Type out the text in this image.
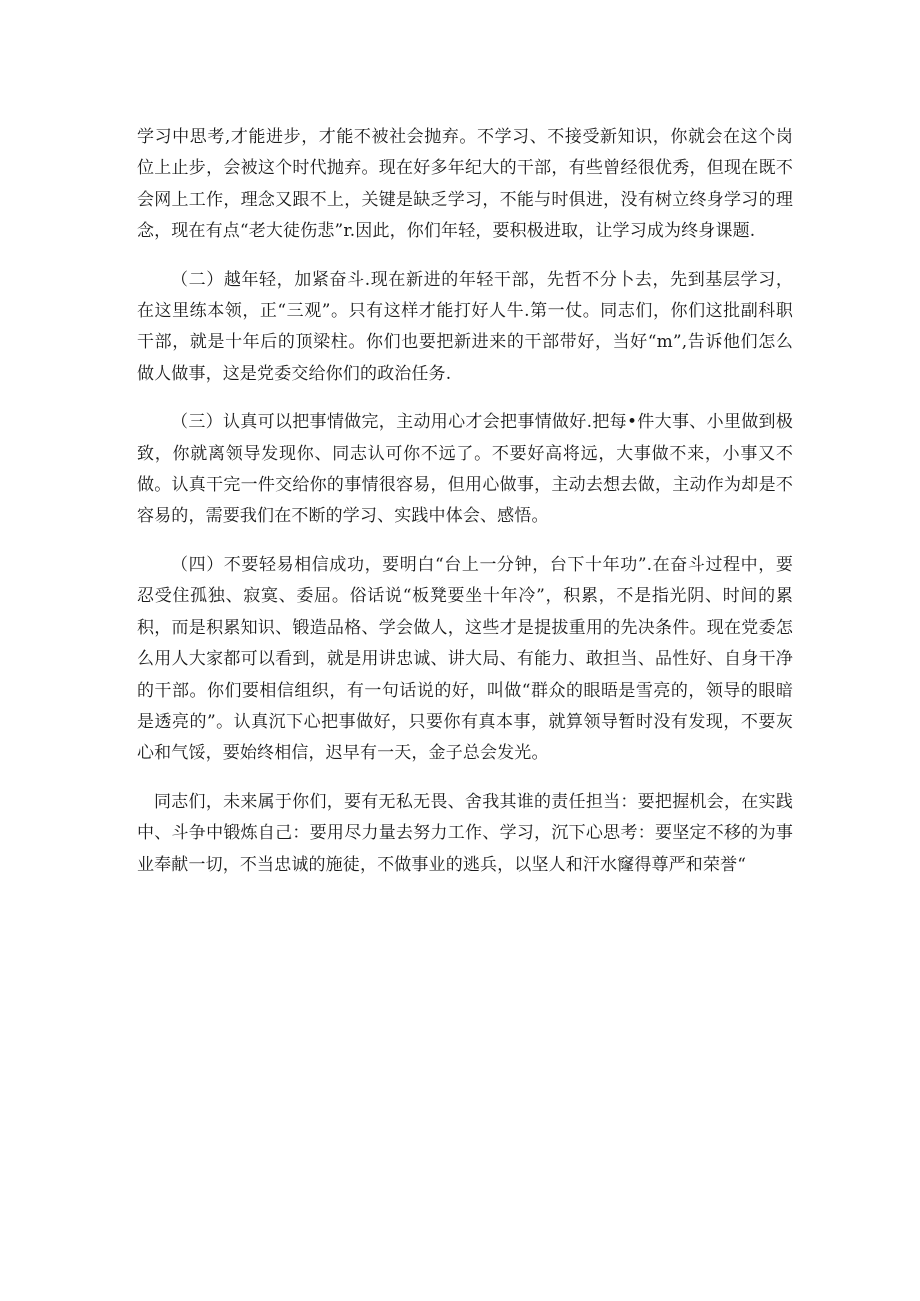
学习中思考,才能进步，才能不被社会抛弃。不学习、不接受新知识，你就会在这个岗位上止步，会被这个时代抛弃。现在好多年纪大的干部，有些曾经很优秀，但现在既不会网上工作，理念又跟不上，关键是缺乏学习，不能与时俱进，没有树立终身学习的理念，现在有点“老大徒伤悲”r.因此，你们年轻，要积极进取，让学习成为终身课题.

（二）越年轻，加紧奋斗.现在新进的年轻干部，先哲不分卜去，先到基层学习，在这里练本领，正“三观”。只有这样才能打好人牛.第一仗。同志们，你们这批副科职干部，就是十年后的顶梁柱。你们也要把新进来的干部带好，当好“m”,告诉他们怎么做人做事，这是党委交给你们的政治任务.

（三）认真可以把事情做完，主动用心才会把事情做好.把每•件大事、小里做到极致，你就离领导发现你、同志认可你不远了。不要好高将远，大事做不来，小事又不做。认真干完一件交给你的事情很容易，但用心做事，主动去想去做，主动作为却是不容易的，需要我们在不断的学习、实践中体会、感悟。

（四）不要轻易相信成功，要明白“台上一分钟，台下十年功”.在奋斗过程中，要忍受住孤独、寂寞、委屈。俗话说“板凳要坐十年冷”，积累，不是指光阴、时间的累积，而是积累知识、锻造品格、学会做人，这些才是提拔重用的先决条件。现在党委怎么用人大家都可以看到，就是用讲忠诚、讲大局、有能力、敢担当、品性好、自身干净的干部。你们要相信组织，有一句话说的好，叫做“群众的眼晤是雪亮的，领导的眼暗是透亮的”。认真沉下心把事做好，只要你有真本事，就算领导暂时没有发现，不要灰心和气馁，要始终相信，迟早有一天，金子总会发光。

同志们，未来属于你们，要有无私无畏、舍我其谁的责任担当：要把握机会，在实践中、斗争中锻炼自己：要用尽力量去努力工作、学习，沉下心思考：要坚定不移的为事业奉献一切，不当忠诚的施徒，不做事业的逃兵，以坚人和汗水窿得尊严和荣誉“
